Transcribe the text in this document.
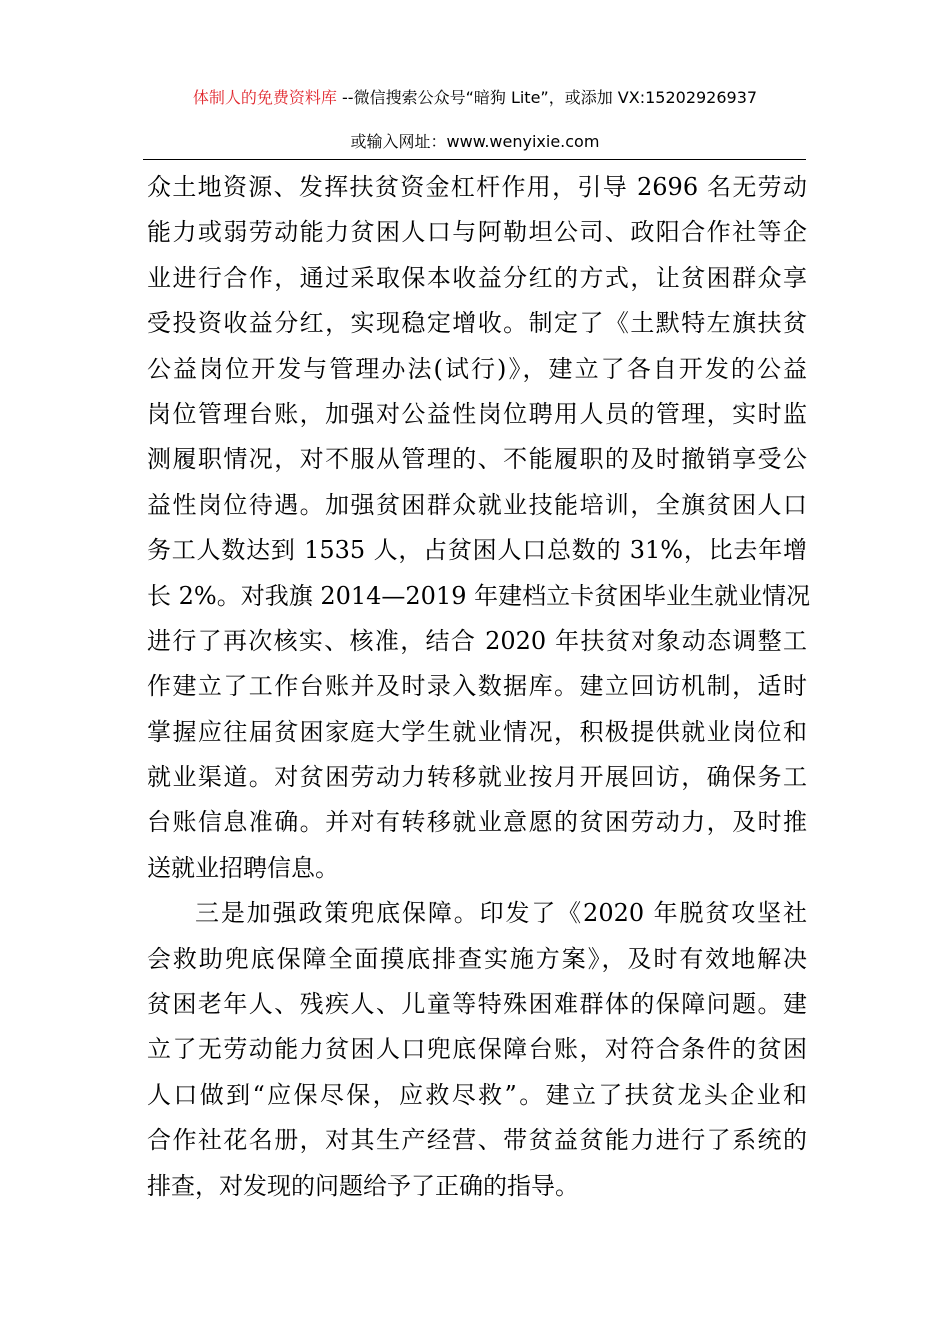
体制人的免费资料库 --微信搜索公众号“暗狗 Lite”，或添加 VX:15202926937
或输入网址：www.wenyixie.com
众土地资源、发挥扶贫资金杠杆作用，引导 2696 名无劳动
能力或弱劳动能力贫困人口与阿勒坦公司、政阳合作社等企
业进行合作，通过采取保本收益分红的方式，让贫困群众享
受投资收益分红，实现稳定增收。制定了《土默特左旗扶贫
公益岗位开发与管理办法(试行)》，建立了各自开发的公益
岗位管理台账，加强对公益性岗位聘用人员的管理，实时监
测履职情况，对不服从管理的、不能履职的及时撤销享受公
益性岗位待遇。加强贫困群众就业技能培训，全旗贫困人口
务工人数达到 1535 人，占贫困人口总数的 31%，比去年增
长 2%。对我旗 2014—2019 年建档立卡贫困毕业生就业情况
进行了再次核实、核准，结合 2020 年扶贫对象动态调整工
作建立了工作台账并及时录入数据库。建立回访机制，适时
掌握应往届贫困家庭大学生就业情况，积极提供就业岗位和
就业渠道。对贫困劳动力转移就业按月开展回访，确保务工
台账信息准确。并对有转移就业意愿的贫困劳动力，及时推
送就业招聘信息。
三是加强政策兜底保障。印发了《2020 年脱贫攻坚社
会救助兜底保障全面摸底排查实施方案》，及时有效地解决
贫困老年人、残疾人、儿童等特殊困难群体的保障问题。建
立了无劳动能力贫困人口兜底保障台账，对符合条件的贫困
人口做到“应保尽保，应救尽救”。建立了扶贫龙头企业和
合作社花名册，对其生产经营、带贫益贫能力进行了系统的
排查，对发现的问题给予了正确的指导。
